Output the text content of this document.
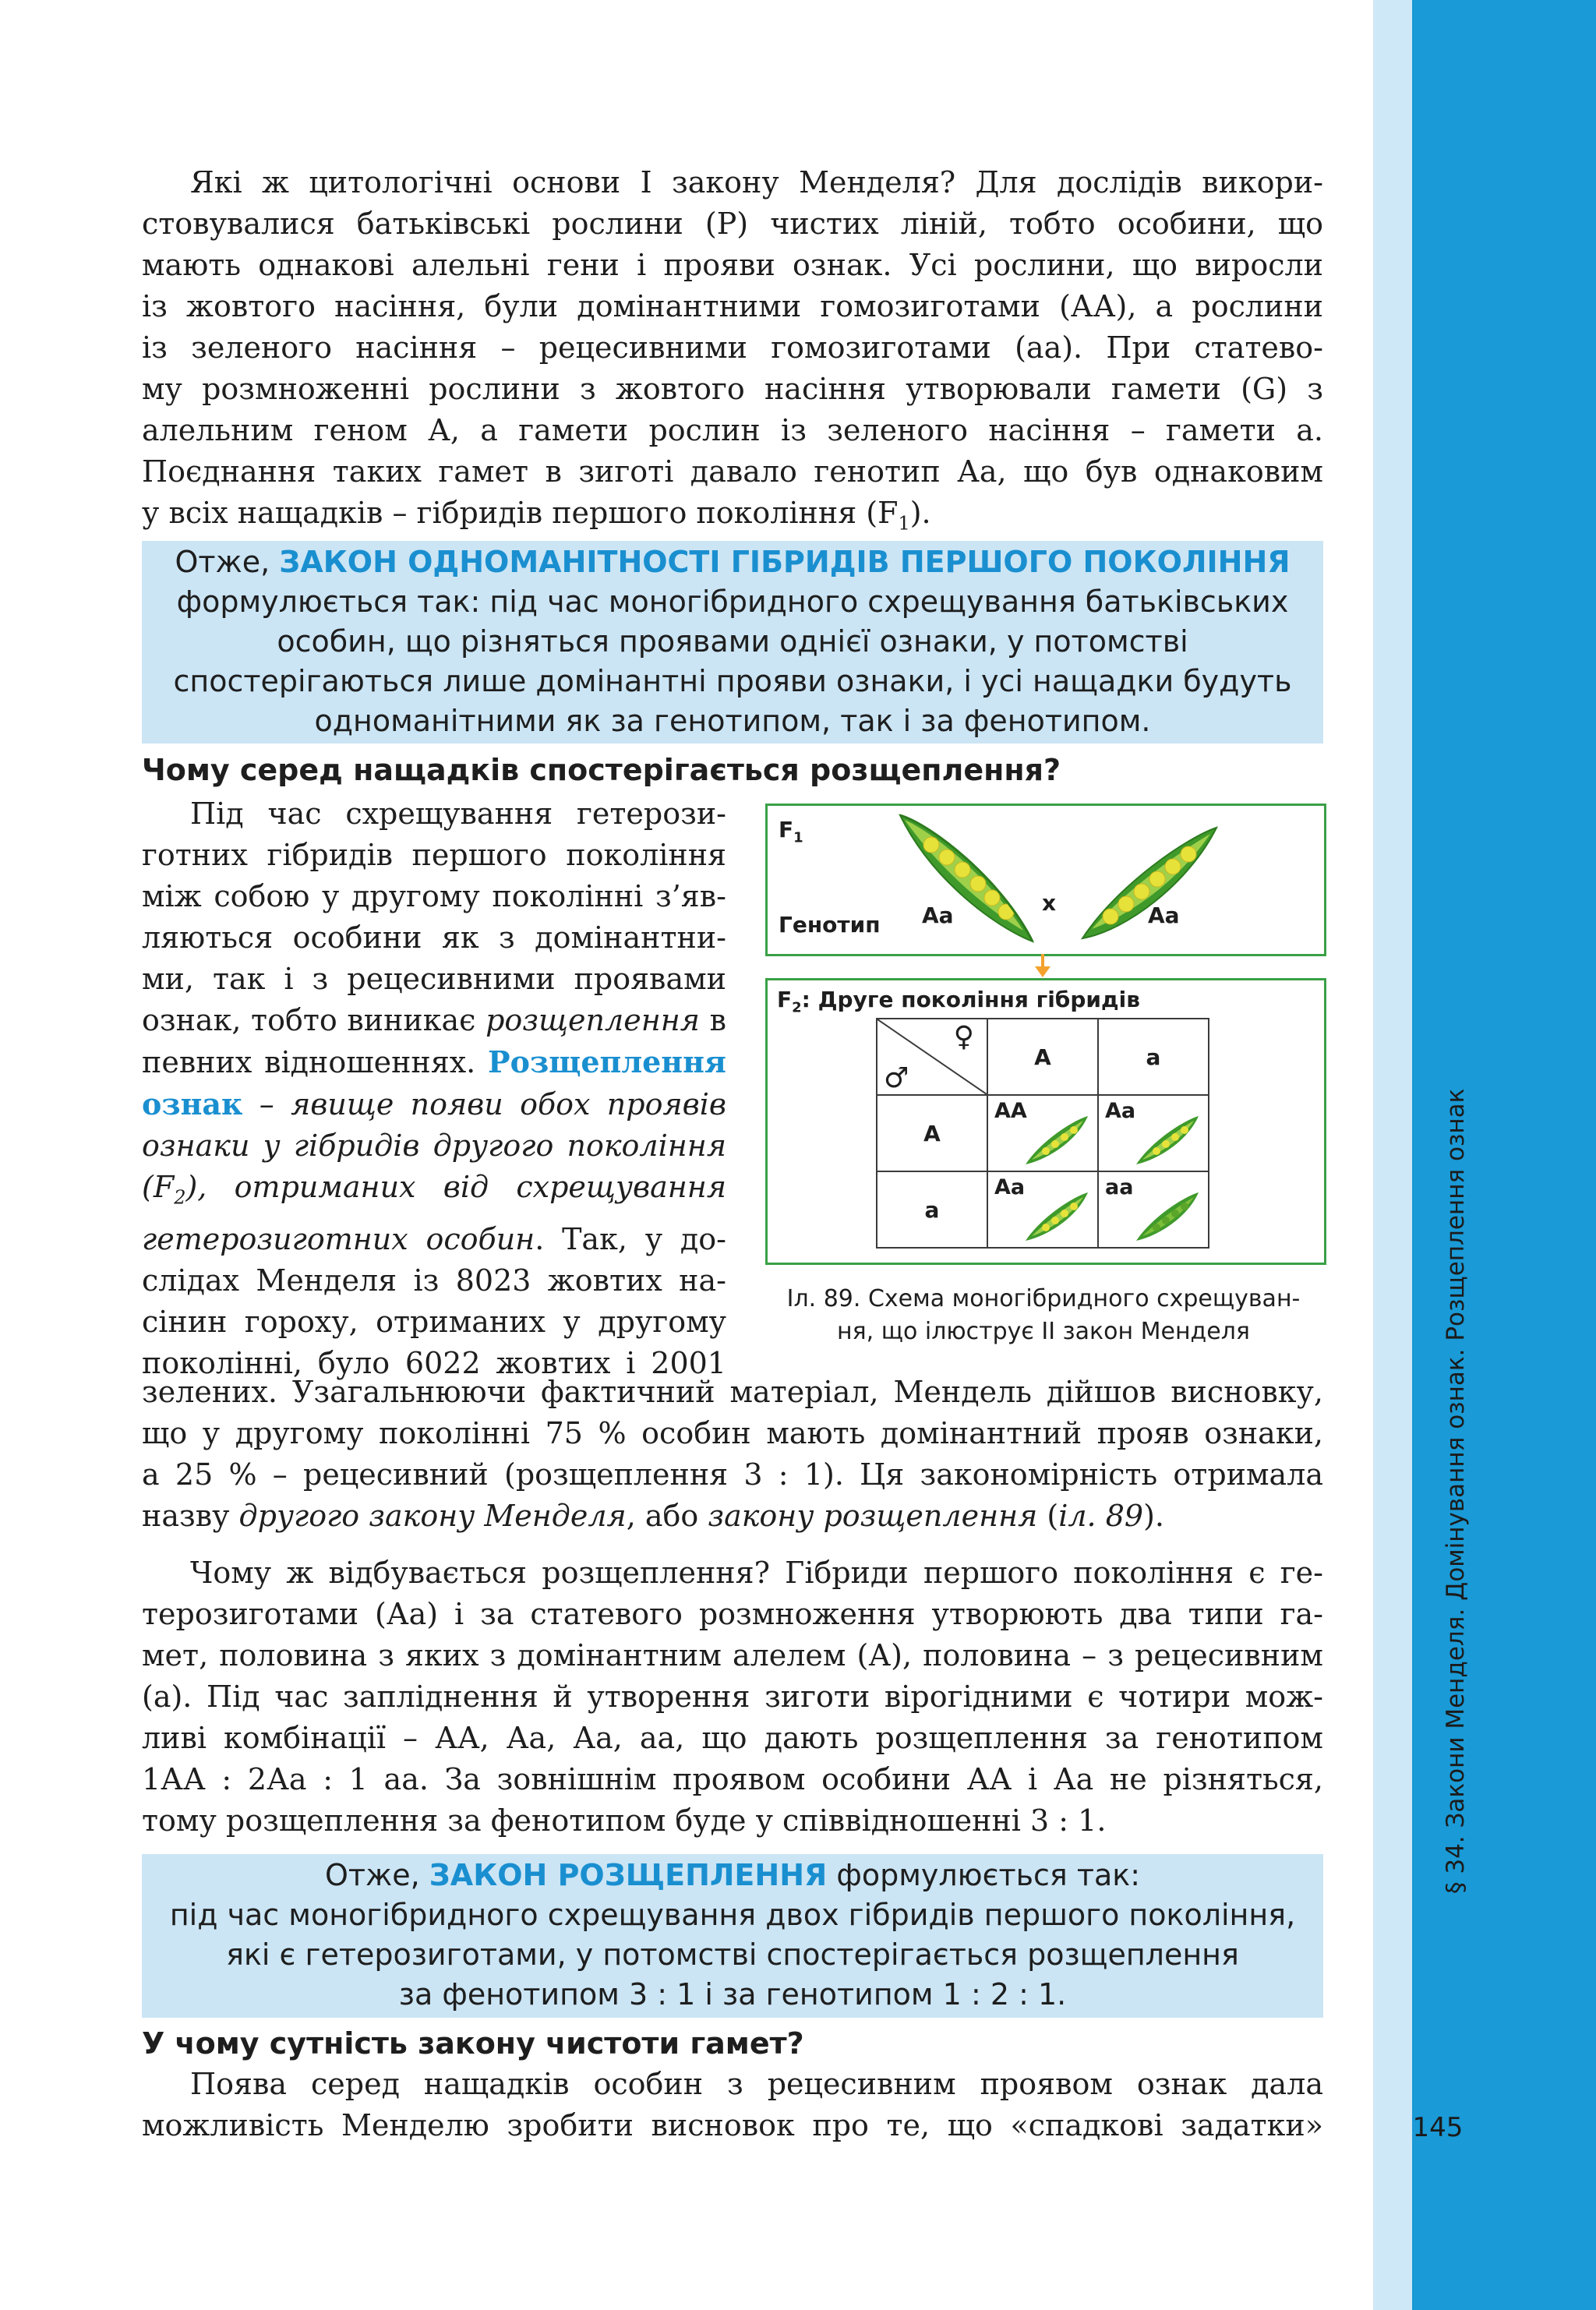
§ 34. Закони Менделя. Домінування ознак. Розщеплення ознак
145
Які ж цитологічні основи І закону Менделя? Для дослідів викори-
стовувалися батьківські рослини (Р) чистих ліній, тобто особини, що
мають однакові алельні гени і прояви ознак. Усі рослини, що виросли
із жовтого насіння, були домінантними гомозиготами (АА), а рослини
із зеленого насіння – рецесивними гомозиготами (аа). При статево-
му розмноженні рослини з жовтого насіння утворювали гамети (G) з
алельним геном А, а гамети рослин із зеленого насіння – гамети а.
Поєднання таких гамет в зиготі давало генотип Аа, що був однаковим
у всіх нащадків – гібридів першого покоління $(F_1)$.
Отже, ЗАКОН ОДНОМАНІТНОСТІ ГІБРИДІВ ПЕРШОГО ПОКОЛІННЯ
формулюється так: під час моногібридного схрещування батьківських
особин, що різняться проявами однієї ознаки, у потомстві
спостерігаються лише домінантні прояви ознаки, і усі нащадки будуть
одноманітними як за генотипом, так і за фенотипом.
Чому серед нащадків спостерігається розщеплення?
Під час схрещування гетерози-
готних гібридів першого покоління
між собою у другому поколінні з’яв-
ляються особини як з домінантни-
ми, так і з рецесивними проявами
ознак, тобто виникає розщеплення в
певних відношеннях. Розщеплення
ознак – явище появи обох проявів
ознаки у гібридів другого покоління
$(F_2)$, отриманих від схрещування
гетерозиготних особин. Так, у до-
слідах Менделя із 8023 жовтих на-
сінин гороху, отриманих у другому
поколінні, було 6022 жовтих і 2001
зелених. Узагальнюючи фактичний матеріал, Мендель дійшов висновку,
що у другому поколінні 75 % особин мають домінантний прояв ознаки,
а 25 % – рецесивний (розщеплення 3 : 1). Ця закономірність отримала
назву другого закону Менделя, або закону розщеплення (іл. 89).
Чому ж відбувається розщеплення? Гібриди першого покоління є ге-
терозиготами (Аа) і за статевого розмноження утворюють два типи га-
мет, половина з яких з домінантним алелем (А), половина – з рецесивним
(а). Під час запліднення й утворення зиготи вірогідними є чотири мож-
ливі комбінації – АА, Аа, Аа, аа, що дають розщеплення за генотипом
1АА : 2Аа : 1 аа. За зовнішнім проявом особини АА і Аа не різняться,
тому розщеплення за фенотипом буде у співвідношенні 3 : 1.
Отже, ЗАКОН РОЗЩЕПЛЕННЯ формулюється так:
під час моногібридного схрещування двох гібридів першого покоління,
які є гетерозиготами, у потомстві спостерігається розщеплення
за фенотипом 3 : 1 і за генотипом 1 : 2 : 1.
У чому сутність закону чистоти гамет?
Поява серед нащадків особин з рецесивним проявом ознак дала
можливість Менделю зробити висновок про те, що «спадкові задатки»
$F_1$
Генотип Аа	x	Аа
$F_2$: Друге покоління гібридів
♀
♂	А	а
А	АА	Аа

а	Аа	аа
Іл. 89. Схема моногібридного схрещуван-
ня, що ілюструє ІІ закон Менделя
